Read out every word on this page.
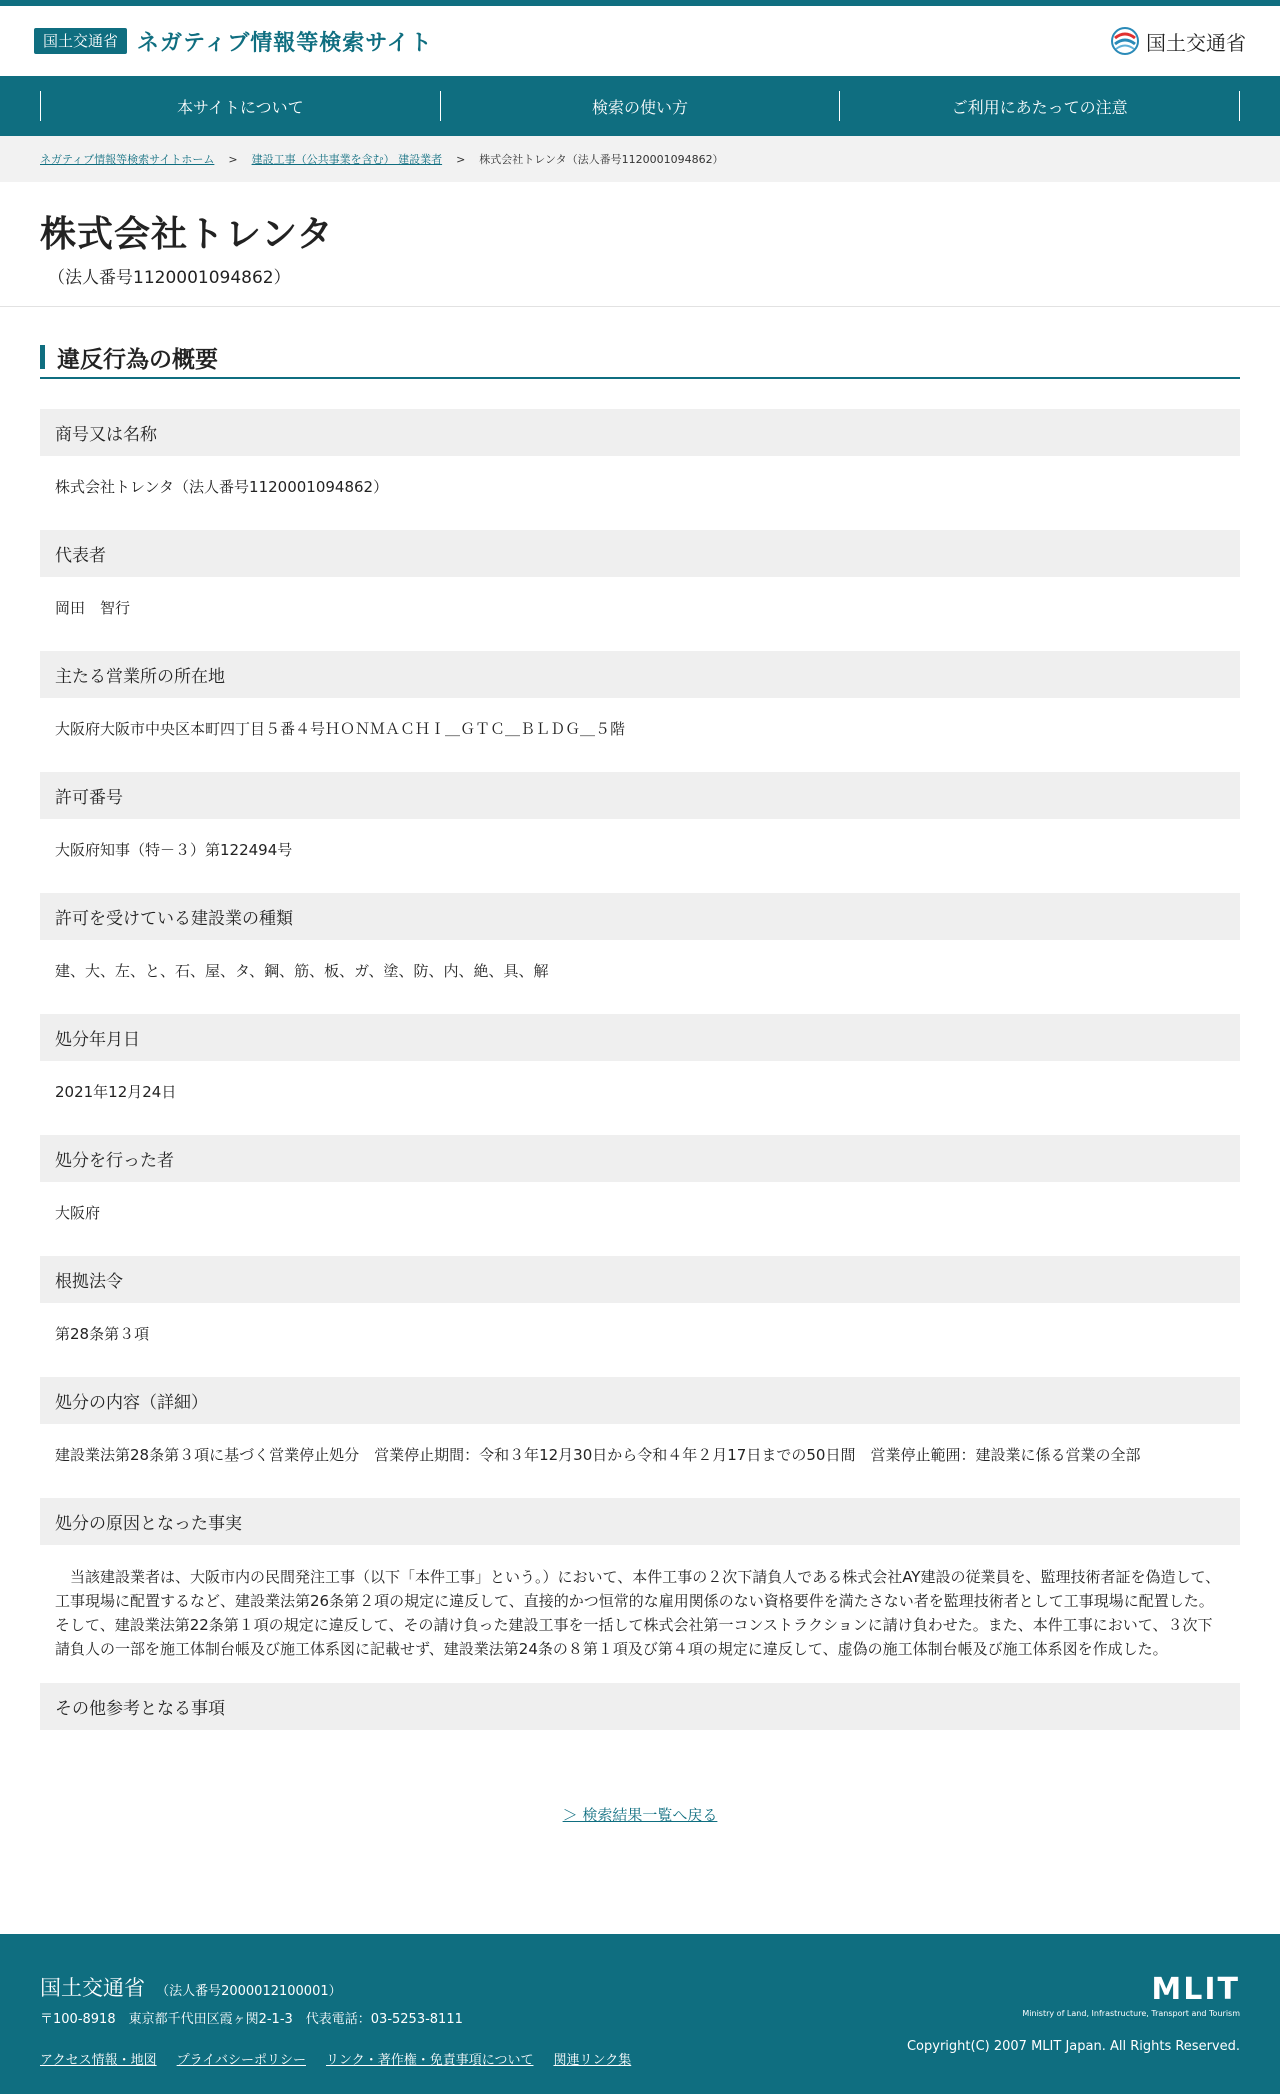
国土交通省 ネガティブ情報等検索サイト	国土交通省
本サイトについて	検索の使い方	ご利用にあたっての注意
ネガティブ情報等検索サイトホーム > 建設工事（公共事業を含む） 建設業者 > 株式会社トレンタ（法人番号1120001094862）
株式会社トレンタ
（法人番号1120001094862）
違反行為の概要
商号又は名称
株式会社トレンタ（法人番号1120001094862）
代表者
岡田　智行
主たる営業所の所在地
大阪府大阪市中央区本町四丁目５番４号ＨＯＮＭＡＣＨＩ＿ＧＴＣ＿ＢＬＤＧ＿５階
許可番号
大阪府知事（特－３）第122494号
許可を受けている建設業の種類
建、大、左、と、石、屋、タ、鋼、筋、板、ガ、塗、防、内、絶、具、解
処分年月日
2021年12月24日
処分を行った者
大阪府
根拠法令
第28条第３項
処分の内容（詳細）
建設業法第28条第３項に基づく営業停止処分　営業停止期間：令和３年12月30日から令和４年２月17日までの50日間　営業停止範囲：建設業に係る営業の全部
処分の原因となった事実
当該建設業者は、大阪市内の民間発注工事（以下「本件工事」という。）において、本件工事の２次下請負人である株式会社AY建設の従業員を、監理技術者証を偽造して、工事現場に配置するなど、建設業法第26条第２項の規定に違反して、直接的かつ恒常的な雇用関係のない資格要件を満たさない者を監理技術者として工事現場に配置した。　そして、建設業法第22条第１項の規定に違反して、その請け負った建設工事を一括して株式会社第一コンストラクションに請け負わせた。また、本件工事において、３次下請負人の一部を施工体制台帳及び施工体系図に記載せず、建設業法第24条の８第１項及び第４項の規定に違反して、虚偽の施工体制台帳及び施工体系図を作成した。
その他参考となる事項
＞ 検索結果一覧へ戻る
国土交通省 （法人番号2000012100001）
〒100-8918　東京都千代田区霞ヶ関2-1-3　代表電話：03-5253-8111
アクセス情報・地図 プライバシーポリシー リンク・著作権・免責事項について 関連リンク集
MLIT
Ministry of Land, Infrastructure, Transport and Tourism
Copyright(C) 2007 MLIT Japan. All Rights Reserved.
